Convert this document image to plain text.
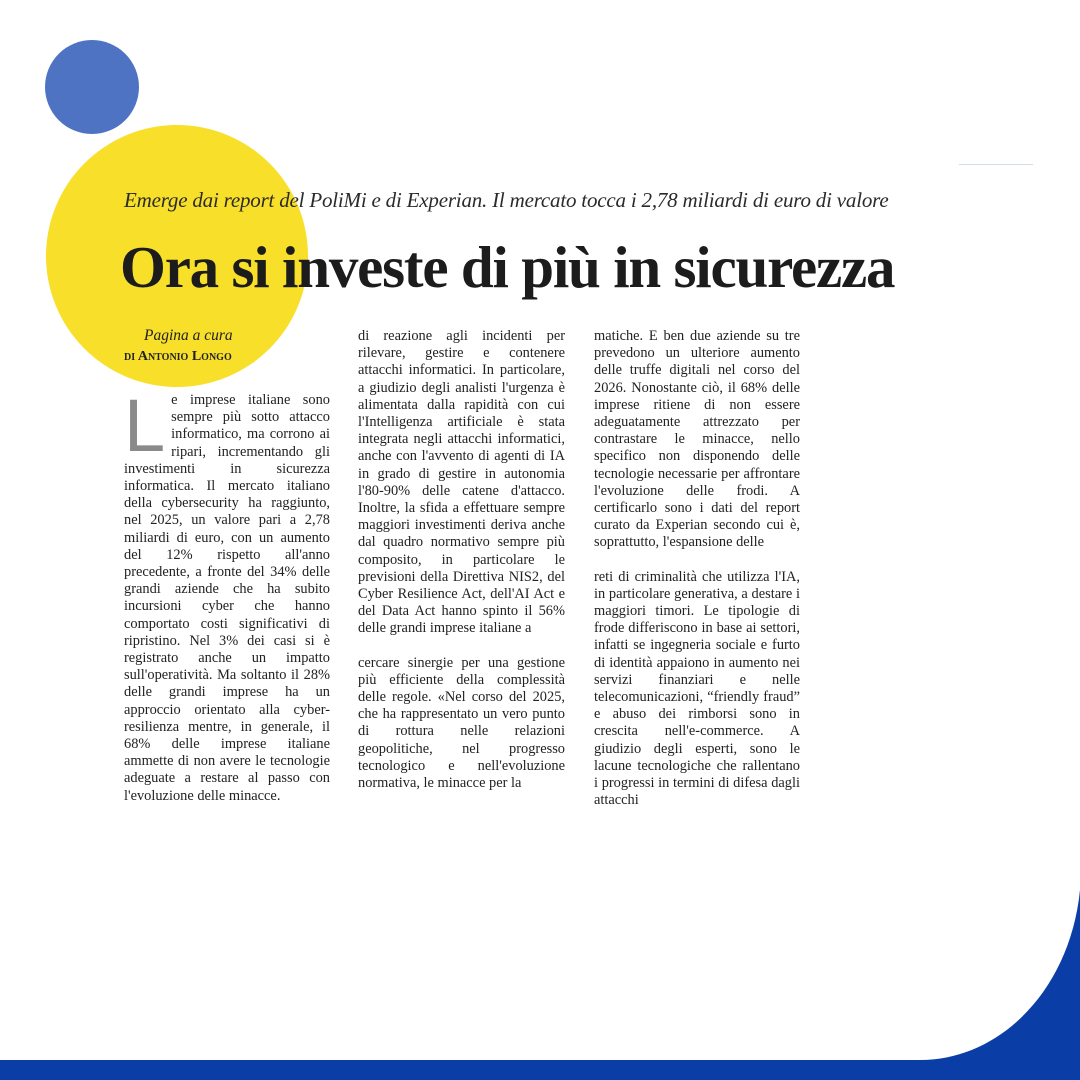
Emerge dai report del PoliMi e di Experian. Il mercato tocca i 2,78 miliardi di euro di valore
Ora si investe di più in sicurezza
Pagina a cura
di Antonio Longo
L e imprese italiane sono sempre più sotto attacco informatico, ma corrono ai ripari, incrementando gli investimenti in sicurezza informatica. Il mercato italiano della cybersecurity ha raggiunto, nel 2025, un valore pari a 2,78 miliardi di euro, con un aumento del 12% rispetto all'anno precedente, a fronte del 34% delle grandi aziende che ha subito incursioni cyber che hanno comportato costi significativi di ripristino. Nel 3% dei casi si è registrato anche un impatto sull'operatività. Ma soltanto il 28% delle grandi imprese ha un approccio orientato alla cyber-resilienza mentre, in generale, il 68% delle imprese italiane ammette di non avere le tecnologie adeguate a restare al passo con l'evoluzione delle minacce.

di reazione agli incidenti per rilevare, gestire e contenere attacchi informatici. In particolare, a giudizio degli analisti l'urgenza è alimentata dalla rapidità con cui l'Intelligenza artificiale è stata integrata negli attacchi informatici, anche con l'avvento di agenti di IA in grado di gestire in autonomia l'80-90% delle catene d'attacco. Inoltre, la sfida a effettuare sempre maggiori investimenti deriva anche dal quadro normativo sempre più composito, in particolare le previsioni della Direttiva NIS2, del Cyber Resilience Act, dell'AI Act e del Data Act hanno spinto il 56% delle grandi imprese italiane a

cercare sinergie per una gestione più efficiente della complessità delle regole. «Nel corso del 2025, che ha rappresentato un vero punto di rottura nelle relazioni geopolitiche, nel progresso tecnologico e nell'evoluzione normativa, le minacce per la

matiche. E ben due aziende su tre prevedono un ulteriore aumento delle truffe digitali nel corso del 2026. Nonostante ciò, il 68% delle imprese ritiene di non essere adeguatamente attrezzato per contrastare le minacce, nello specifico non disponendo delle tecnologie necessarie per affrontare l'evoluzione delle frodi. A certificarlo sono i dati del report curato da Experian secondo cui è, soprattutto, l'espansione delle

reti di criminalità che utilizza l'IA, in particolare generativa, a destare i maggiori timori. Le tipologie di frode differiscono in base ai settori, infatti se ingegneria sociale e furto di identità appaiono in aumento nei servizi finanziari e nelle telecomunicazioni, “friendly fraud” e abuso dei rimborsi sono in crescita nell'e-commerce. A giudizio degli esperti, sono le lacune tecnologiche che rallentano i progressi in termini di difesa dagli attacchi
